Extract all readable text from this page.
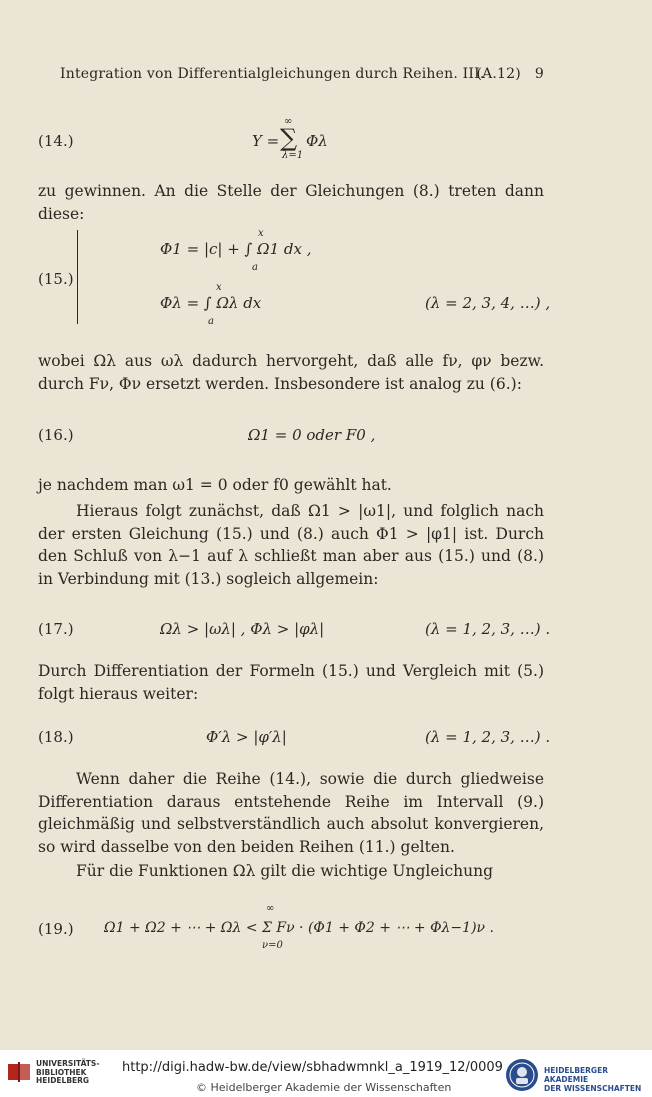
Integration von Differentialgleichungen durch Reihen. III.
(A.12) 9
(14.)	Y =
∞
∑
λ=1
Φλ
zu gewinnen. An die Stelle der Gleichungen (8.) treten dann diese:
(15.)
x
Φ1 = |c| + ∫ Ω1 dx ,
a
x
Φλ = ∫ Ωλ dx
a
(λ = 2, 3, 4, …) ,
wobei Ωλ aus ωλ dadurch hervorgeht, daß alle fν, φν bezw. durch Fν, Φν ersetzt werden. Insbesondere ist analog zu (6.):
(16.)	Ω1 = 0 oder F0 ,
je nachdem man ω1 = 0 oder f0 gewählt hat.
Hieraus folgt zunächst, daß Ω1 > |ω1|, und folglich nach der ersten Gleichung (15.) und (8.) auch Φ1 > |φ1| ist. Durch den Schluß von λ−1 auf λ schließt man aber aus (15.) und (8.) in Verbindung mit (13.) sogleich allgemein:
(17.)	Ωλ > |ωλ| , Φλ > |φλ|	(λ = 1, 2, 3, …) .
Durch Differentiation der Formeln (15.) und Vergleich mit (5.) folgt hieraus weiter:
(18.)	Φ′λ > |φ′λ|	(λ = 1, 2, 3, …) .
Wenn daher die Reihe (14.), sowie die durch gliedweise Differentiation daraus entstehende Reihe im Intervall (9.) gleichmäßig und selbstverständlich auch absolut konvergieren, so wird dasselbe von den beiden Reihen (11.) gelten.
Für die Funktionen Ωλ gilt die wichtige Ungleichung
(19.) Ω1 + Ω2 + ⋯ + Ωλ < Σ Fν · (Φ1 + Φ2 + ⋯ + Φλ−1)ν .
∞
ν=0
UNIVERSITÄTS-
BIBLIOTHEK
HEIDELBERG
http://digi.hadw-bw.de/view/sbhadwmnkl_a_1919_12/0009
© Heidelberger Akademie der Wissenschaften
HEIDELBERGER AKADEMIE
DER WISSENSCHAFTEN
